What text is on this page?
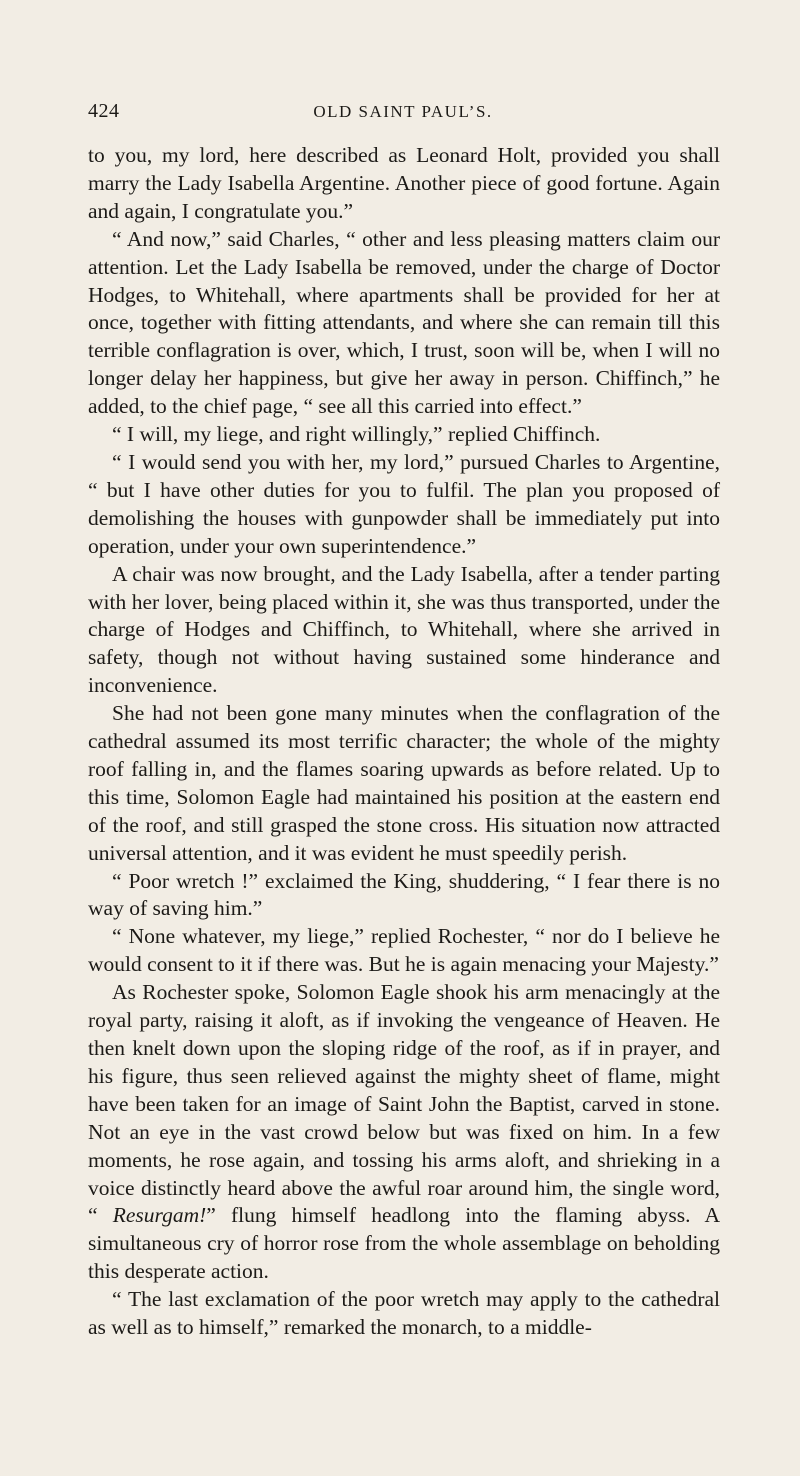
424	OLD SAINT PAUL’S.

to you, my lord, here described as Leonard Holt, provided you shall marry the Lady Isabella Argentine. Another piece of good fortune. Again and again, I congratulate you.”

“ And now,” said Charles, “ other and less pleasing matters claim our attention. Let the Lady Isabella be removed, under the charge of Doctor Hodges, to Whitehall, where apartments shall be provided for her at once, together with fitting attendants, and where she can remain till this terrible conflagration is over, which, I trust, soon will be, when I will no longer delay her happiness, but give her away in person. Chiffinch,” he added, to the chief page, “ see all this carried into effect.”

“ I will, my liege, and right willingly,” replied Chiffinch.

“ I would send you with her, my lord,” pursued Charles to Argentine, “ but I have other duties for you to fulfil. The plan you proposed of demolishing the houses with gunpowder shall be immediately put into operation, under your own superintendence.”

A chair was now brought, and the Lady Isabella, after a tender parting with her lover, being placed within it, she was thus transported, under the charge of Hodges and Chiffinch, to Whitehall, where she arrived in safety, though not without having sustained some hinderance and inconvenience.

She had not been gone many minutes when the conflagration of the cathedral assumed its most terrific character; the whole of the mighty roof falling in, and the flames soaring upwards as before related. Up to this time, Solomon Eagle had maintained his position at the eastern end of the roof, and still grasped the stone cross. His situation now attracted universal attention, and it was evident he must speedily perish.

“ Poor wretch !” exclaimed the King, shuddering, “ I fear there is no way of saving him.”

“ None whatever, my liege,” replied Rochester, “ nor do I believe he would consent to it if there was. But he is again menacing your Majesty.”

As Rochester spoke, Solomon Eagle shook his arm menacingly at the royal party, raising it aloft, as if invoking the vengeance of Heaven. He then knelt down upon the sloping ridge of the roof, as if in prayer, and his figure, thus seen relieved against the mighty sheet of flame, might have been taken for an image of Saint John the Baptist, carved in stone. Not an eye in the vast crowd below but was fixed on him. In a few moments, he rose again, and tossing his arms aloft, and shrieking in a voice distinctly heard above the awful roar around him, the single word, “ Resurgam!” flung himself headlong into the flaming abyss. A simultaneous cry of horror rose from the whole assemblage on beholding this desperate action.

“ The last exclamation of the poor wretch may apply to the cathedral as well as to himself,” remarked the monarch, to a middle-
